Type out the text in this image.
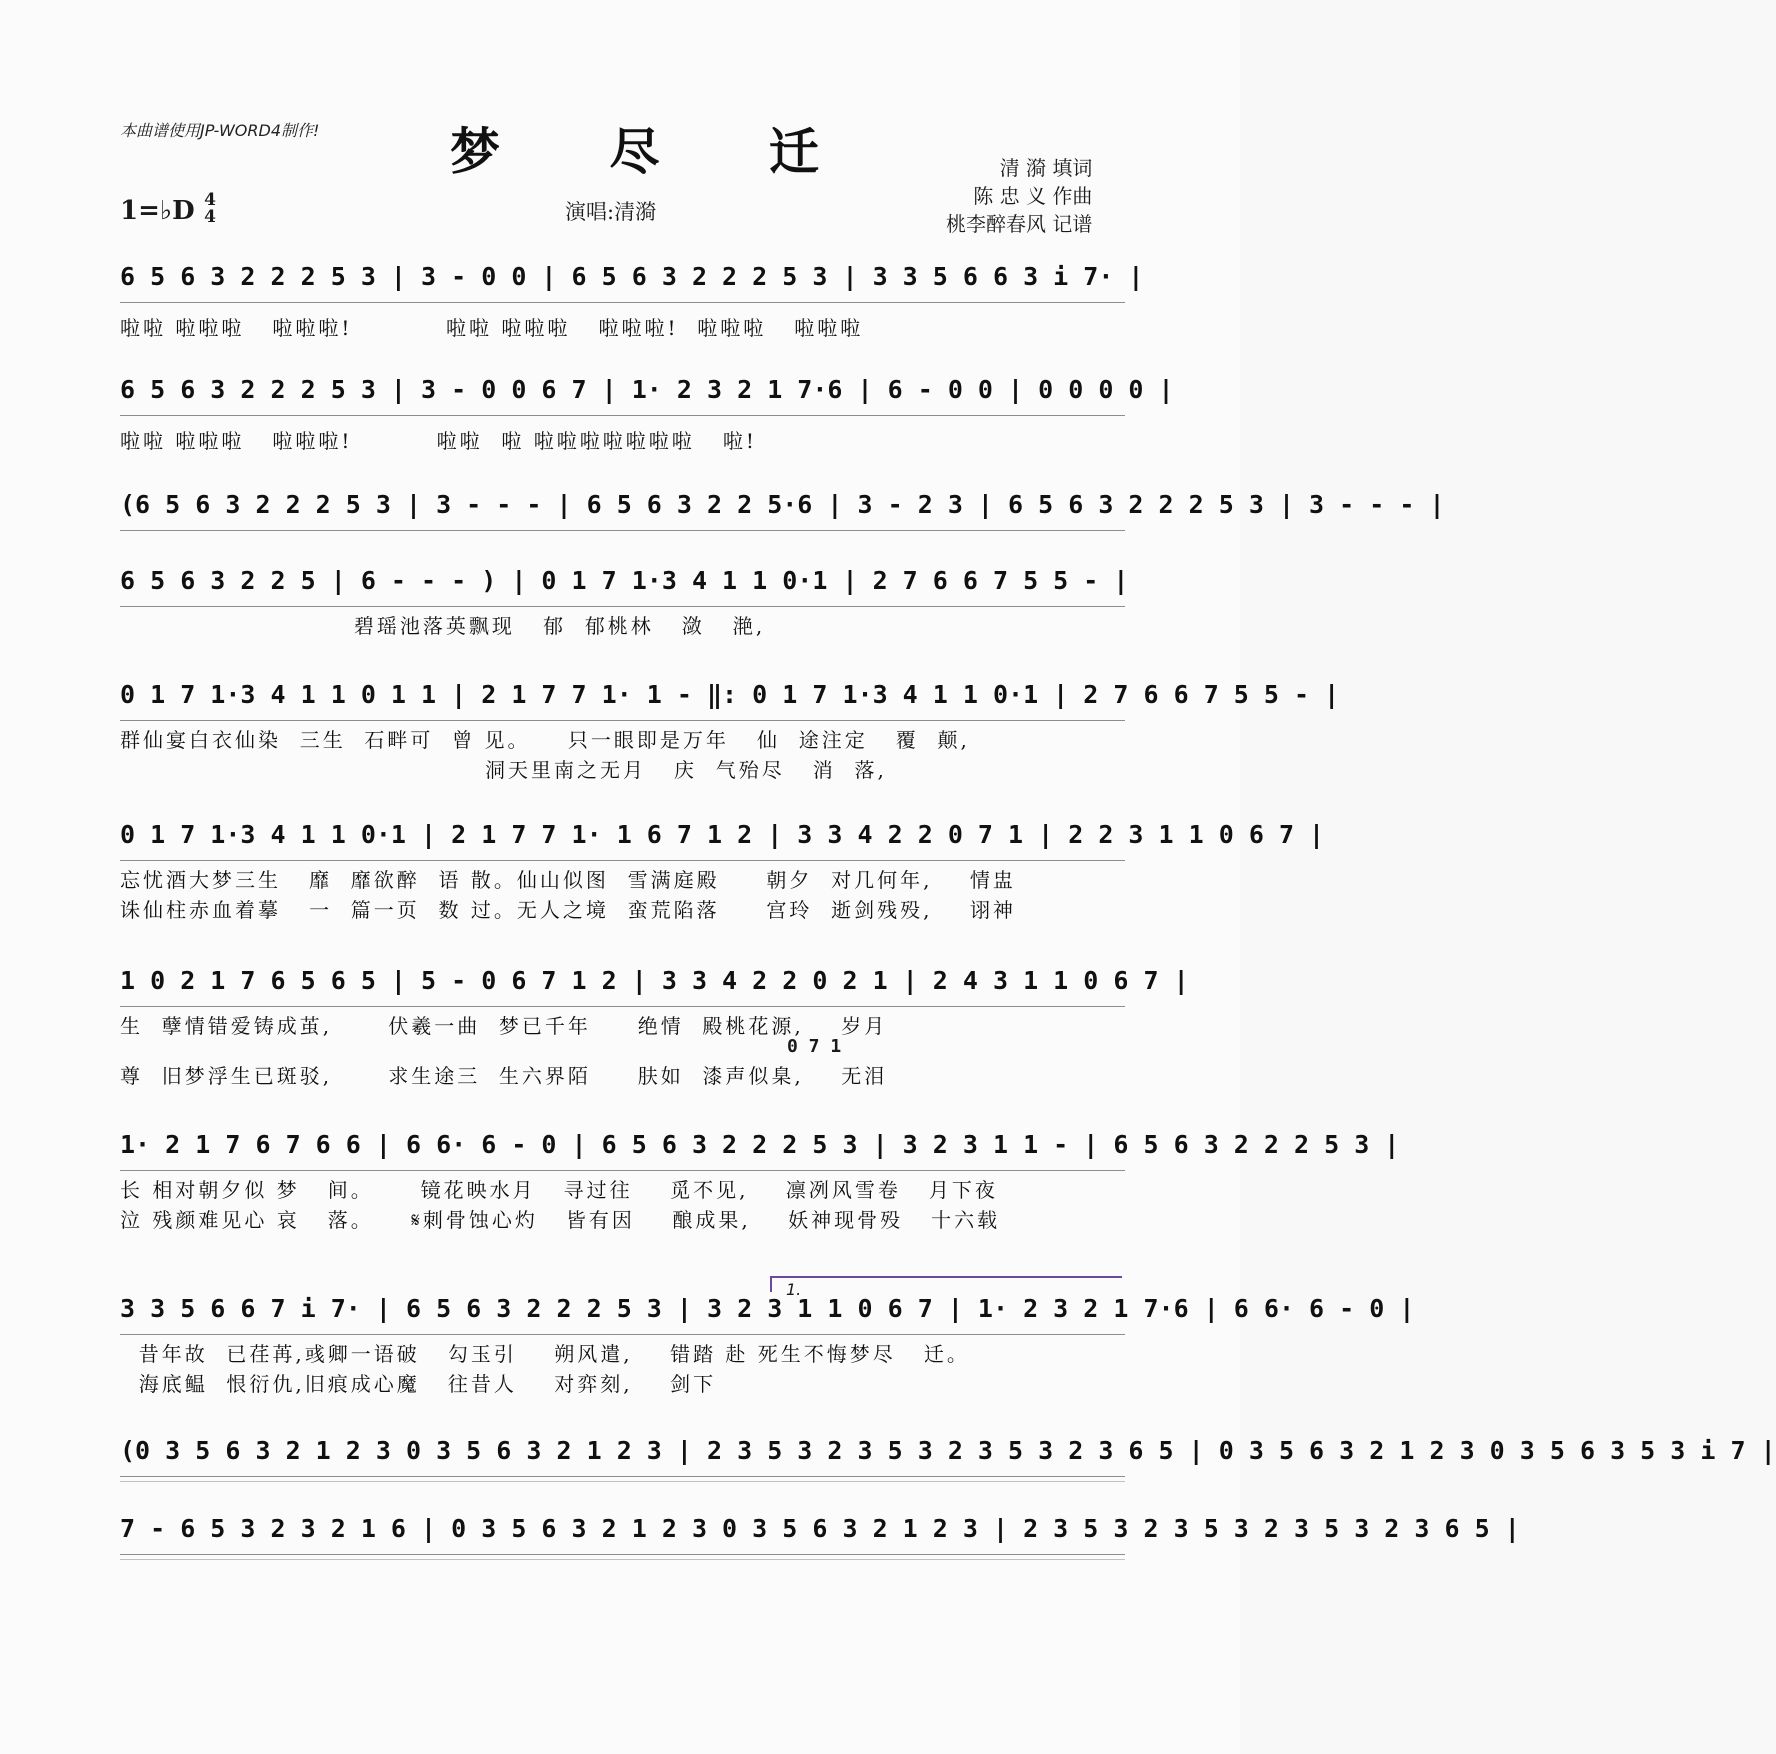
本曲谱使用JP-WORD4制作!	梦 尽 迁
1=♭D 4
4	演唱:清漪
清 漪 填词
陈 忠 义 作曲
桃李醉春风 记谱
6 5 6 3 2 2 2 5 3 | 3 - 0 0 | 6 5 6 3 2 2 2 5 3 | 3 3 5 6 6 3 i 7· |
啦啦 啦啦啦   啦啦啦!          啦啦 啦啦啦   啦啦啦!  啦啦啦   啦啦啦
6 5 6 3 2 2 2 5 3 | 3 - 0 0 6 7 | 1· 2 3 2 1 7·6 | 6 - 0 0 | 0 0 0 0 |
啦啦 啦啦啦   啦啦啦!         啦啦  啦 啦啦啦啦啦啦啦   啦!
(6 5 6 3 2 2 2 5 3 | 3 - - - | 6 5 6 3 2 2 5·6 | 3 - 2 3 | 6 5 6 3 2 2 2 5 3 | 3 - - - |
6 5 6 3 2 2 5 | 6 - - - ) | 0 1 7 1·3 4 1 1 0·1 | 2 7 6 6 7 5 5 - |
碧瑶池落英飘现   郁  郁桃林   潋   滟,
0 1 7 1·3 4 1 1 0 1 1 | 2 1 7 7 1· 1 - ‖: 0 1 7 1·3 4 1 1 0·1 | 2 7 6 6 7 5 5 - |
群仙宴白衣仙染  三生  石畔可  曾 见。    只一眼即是万年   仙  途注定   覆  颠,
洞天里南之无月   庆  气殆尽   消  落,
0 1 7 1·3 4 1 1 0·1 | 2 1 7 7 1· 1 6 7 1 2 | 3 3 4 2 2 0 7 1 | 2 2 3 1 1 0 6 7 |
忘忧酒大梦三生   靡  靡欲醉  语 散。仙山似图  雪满庭殿     朝夕  对几何年,    情盅
诛仙柱赤血着摹   一  篇一页  数 过。无人之境  蛮荒陷落     宫玲  逝剑残殁,    诩神
1 0 2 1 7 6 5 6 5 | 5 - 0 6 7 1 2 | 3 3 4 2 2 0 2 1 | 2 4 3 1 1 0 6 7 |
生  孽情错爱铸成茧,      伏羲一曲  梦已千年     绝情  殿桃花源,    岁月
尊  旧梦浮生已斑驳,      求生途三  生六界陌     肤如  漆声似臬,    无泪
0 7 1
1· 2 1 7 6 7 6 6 | 6 6· 6 - 0 | 6 5 6 3 2 2 2 5 3 | 3 2 3 1 1 - | 6 5 6 3 2 2 2 5 3 |
长 相对朝夕似 梦   间。     镜花映水月   寻过往    觅不见,    凛冽风雪卷   月下夜
泣 残颜难见心 哀   落。    𝄋刺骨蚀心灼   皆有因    酿成果,    妖神现骨殁   十六载
1.
3 3 5 6 6 7 i 7· | 6 5 6 3 2 2 2 5 3 | 3 2 3 1 1 0 6 7 | 1· 2 3 2 1 7·6 | 6 6· 6 - 0 |
昔年故  已荏苒,彧卿一语破   勾玉引    朔风遣,    错踏 赴 死生不悔梦尽   迁。
海底鳁  恨衍仇,旧痕成心魔   往昔人    对弈刻,    剑下
(0 3 5 6 3 2 1 2 3 0 3 5 6 3 2 1 2 3 | 2 3 5 3 2 3 5 3 2 3 5 3 2 3 6 5 | 0 3 5 6 3 2 1 2 3 0 3 5 6 3 5 3 i 7 |
7 - 6 5 3 2 3 2 1 6 | 0 3 5 6 3 2 1 2 3 0 3 5 6 3 2 1 2 3 | 2 3 5 3 2 3 5 3 2 3 5 3 2 3 6 5 |
